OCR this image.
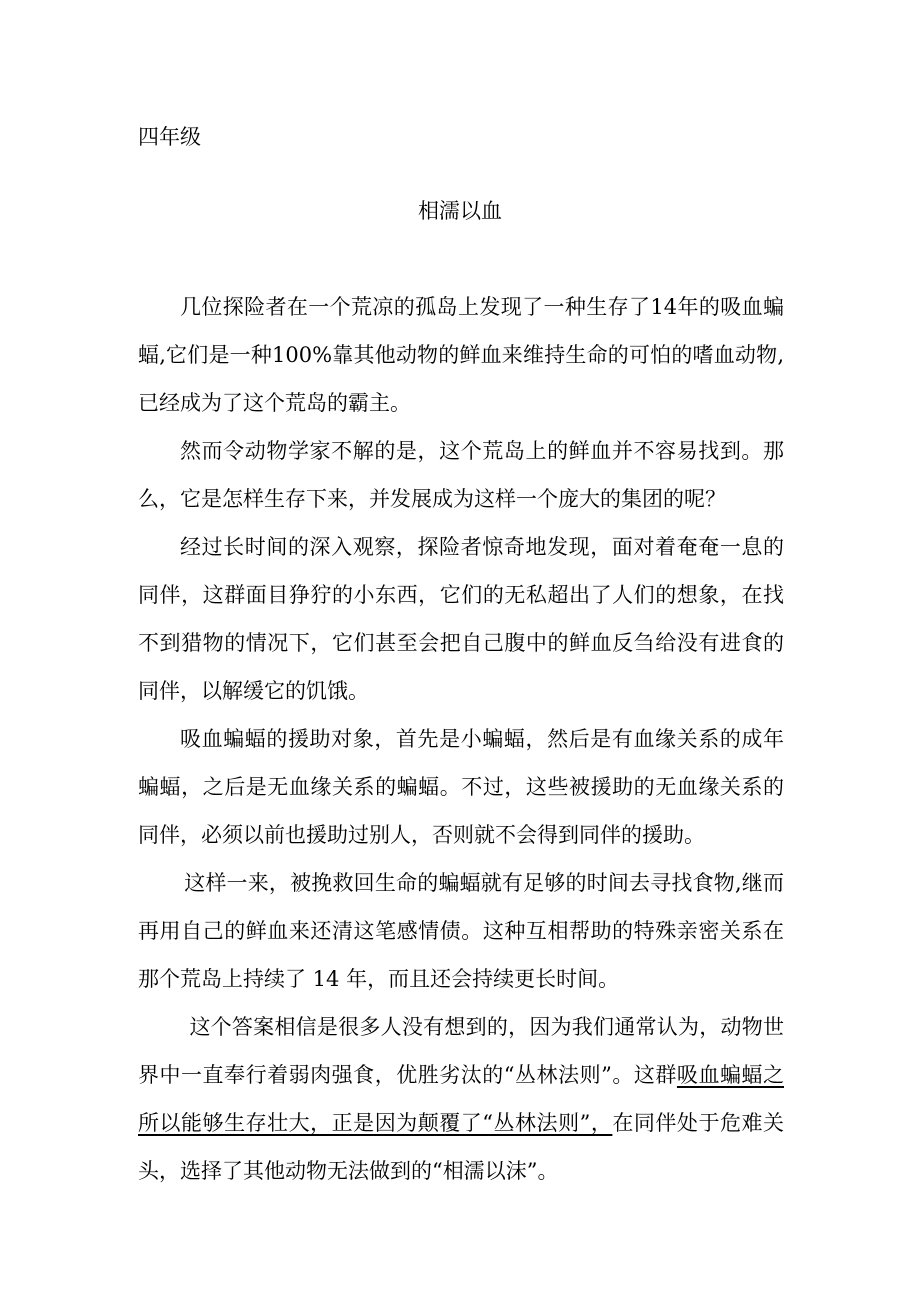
四年级

相濡以血

几位探险者在一个荒凉的孤岛上发现了一种生存了14年的吸血蝙蝠,它们是一种100%靠其他动物的鲜血来维持生命的可怕的嗜血动物,已经成为了这个荒岛的霸主。

然而令动物学家不解的是，这个荒岛上的鲜血并不容易找到。那么，它是怎样生存下来，并发展成为这样一个庞大的集团的呢？

经过长时间的深入观察，探险者惊奇地发现，面对着奄奄一息的同伴，这群面目狰狞的小东西，它们的无私超出了人们的想象，在找不到猎物的情况下，它们甚至会把自己腹中的鲜血反刍给没有进食的同伴，以解缓它的饥饿。

吸血蝙蝠的援助对象，首先是小蝙蝠，然后是有血缘关系的成年蝙蝠，之后是无血缘关系的蝙蝠。不过，这些被援助的无血缘关系的同伴，必须以前也援助过别人，否则就不会得到同伴的援助。

这样一来，被挽救回生命的蝙蝠就有足够的时间去寻找食物,继而再用自己的鲜血来还清这笔感情债。这种互相帮助的特殊亲密关系在那个荒岛上持续了 14 年，而且还会持续更长时间。

这个答案相信是很多人没有想到的，因为我们通常认为，动物世界中一直奉行着弱肉强食，优胜劣汰的“丛林法则”。这群吸血蝙蝠之所以能够生存壮大，正是因为颠覆了“丛林法则”，在同伴处于危难关头，选择了其他动物无法做到的“相濡以沫”。
